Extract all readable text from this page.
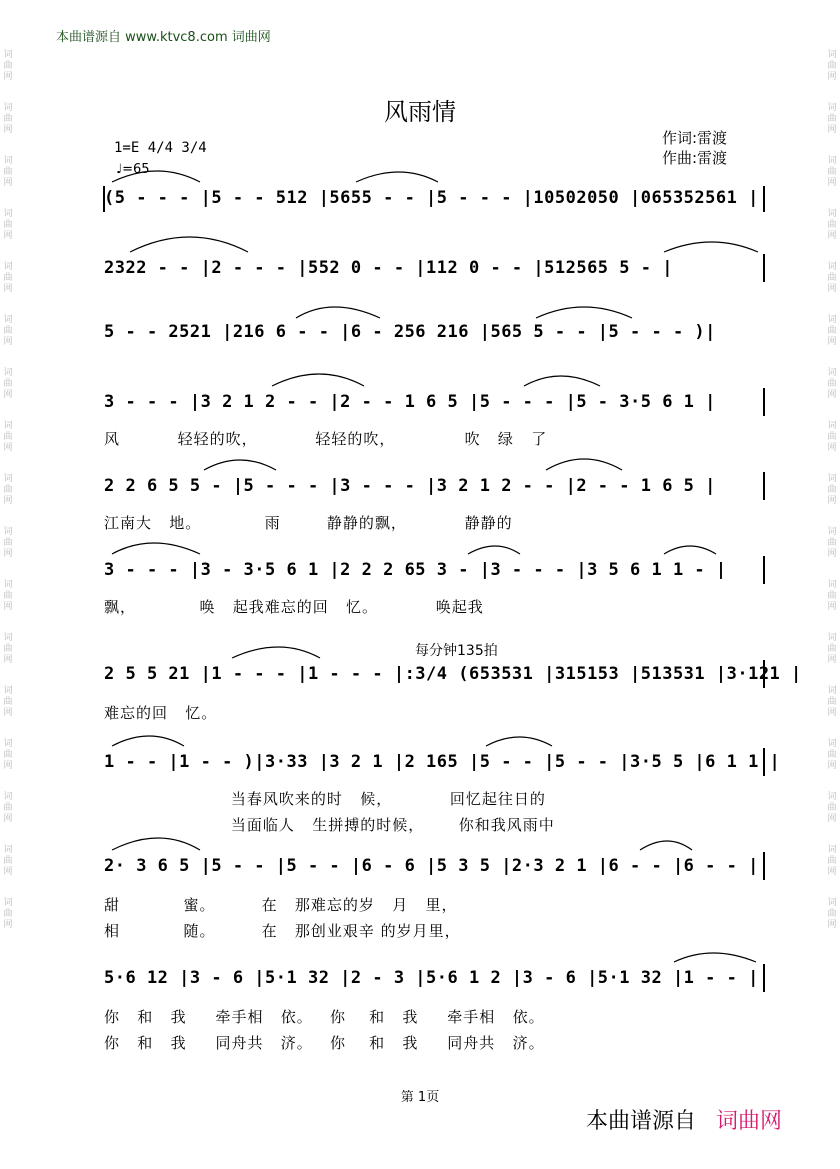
词曲网
词曲网
词曲网
词曲网
词曲网
词曲网
词曲网
词曲网
词曲网
词曲网
词曲网
词曲网
词曲网
词曲网
词曲网
词曲网
词曲网
词曲网
词曲网
词曲网
词曲网
词曲网
词曲网
词曲网
词曲网
词曲网
词曲网
词曲网
词曲网
词曲网
词曲网
词曲网
词曲网
词曲网
本曲谱源自 www.ktvc8.com 词曲网
风雨情
1=E 4/4 3/4
♩=65
作词:雷渡
作曲:雷渡
每分钟135拍
(5 - - - |5 - - 512 |5655 - - |5 - - - |10502050 |065352561 |
2322 - - |2 - - - |552 0 - - |112 0 - - |512565 5 - |
5 - - 2521 |216 6 - - |6 - 256 216 |565 5 - - |5 - - - )|
3 - - - |3 2 1 2 - - |2 - - 1 6 5 |5 - - - |5 - 3·5 6 1 |
风          轻轻的吹，          轻轻的吹，            吹   绿   了
2 2 6 5 5 - |5 - - - |3 - - - |3 2 1 2 - - |2 - - 1 6 5 |
江南大   地。           雨        静静的飘，          静静的
3 - - - |3 - 3·5 6 1 |2 2 2 65 3 - |3 - - - |3 5 6 1 1 - |
飘，           唤   起我难忘的回   忆。          唤起我
2 5 5 21 |1 - - - |1 - - - |:3/4 (653531 |315153 |513531 |3·121 |
难忘的回   忆。
1 - - |1 - - )|3·33 |3 2 1 |2 165 |5 - - |5 - - |3·5 5 |6 1 1 |
当春风吹来的时   候，          回忆起往日的
当面临人   生拼搏的时候，      你和我风雨中
2· 3 6 5 |5 - - |5 - - |6 - 6 |5 3 5 |2·3 2 1 |6 - - |6 - - |
甜           蜜。        在   那难忘的岁   月   里，
相           随。        在   那创业艰辛 的岁月里，
5·6 12 |3 - 6 |5·1 32 |2 - 3 |5·6 1 2 |3 - 6 |5·1 32 |1 - - |
你   和   我     牵手相   依。   你    和   我     牵手相   依。
你   和   我     同舟共   济。   你    和   我     同舟共   济。
第 1页
本曲谱源自 词曲网
